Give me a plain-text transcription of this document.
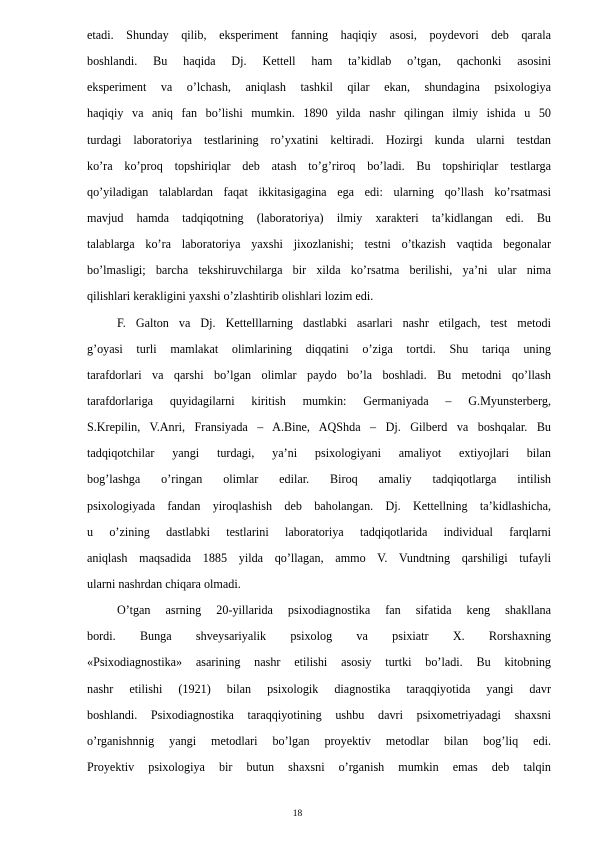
etadi. Shunday qilib, eksperiment fanning haqiqiy asosi, poydevori deb qarala
boshlandi. Bu haqida Dj. Kettell ham ta’kidlab o’tgan, qachonki asosini
eksperiment va o’lchash, aniqlash tashkil qilar ekan, shundagina psixologiya
haqiqiy va aniq fan bo’lishi mumkin. 1890 yilda nashr qilingan ilmiy ishida u 50
turdagi laboratoriya testlarining ro’yxatini keltiradi. Hozirgi kunda ularni testdan
ko’ra ko’proq topshiriqlar deb atash to’g’riroq bo’ladi. Bu topshiriqlar testlarga
qo’yiladigan talablardan faqat ikkitasigagina ega edi: ularning qo’llash ko’rsatmasi
mavjud hamda tadqiqotning (laboratoriya) ilmiy xarakteri ta’kidlangan edi. Bu
talablarga ko’ra laboratoriya yaxshi jixozlanishi; testni o’tkazish vaqtida begonalar
bo’lmasligi; barcha tekshiruvchilarga bir xilda ko’rsatma berilishi, ya’ni ular nima
qilishlari kerakligini yaxshi o’zlashtirib olishlari lozim edi.
F. Galton va Dj. Kettelllarning dastlabki asarlari nashr etilgach, test metodi
g’oyasi turli mamlakat olimlarining diqqatini o’ziga tortdi. Shu tariqa uning
tarafdorlari va qarshi bo’lgan olimlar paydo bo’la boshladi. Bu metodni qo’llash
tarafdorlariga quyidagilarni kiritish mumkin: Germaniyada – G.Myunsterberg,
S.Krepilin, V.Anri, Fransiyada – A.Bine, AQShda – Dj. Gilberd va boshqalar. Bu
tadqiqotchilar yangi turdagi, ya’ni psixologiyani amaliyot extiyojlari bilan
bog’lashga o’ringan olimlar edilar. Biroq amaliy tadqiqotlarga intilish
psixologiyada fandan yiroqlashish deb baholangan. Dj. Kettellning ta’kidlashicha,
u o’zining dastlabki testlarini laboratoriya tadqiqotlarida individual farqlarni
aniqlash maqsadida 1885 yilda qo’llagan, ammo V. Vundtning qarshiligi tufayli
ularni nashrdan chiqara olmadi.
O’tgan asrning 20-yillarida psixodiagnostika fan sifatida keng shakllana
bordi. Bunga shveysariyalik psixolog va psixiatr X. Rorshaxning
«Psixodiagnostika» asarining nashr etilishi asosiy turtki bo’ladi. Bu kitobning
nashr etilishi (1921) bilan psixologik diagnostika taraqqiyotida yangi davr
boshlandi. Psixodiagnostika taraqqiyotining ushbu davri psixometriyadagi shaxsni
o’rganishnnig yangi metodlari bo’lgan proyektiv metodlar bilan bog’liq edi.
Proyektiv psixologiya bir butun shaxsni o’rganish mumkin emas deb talqin
18
